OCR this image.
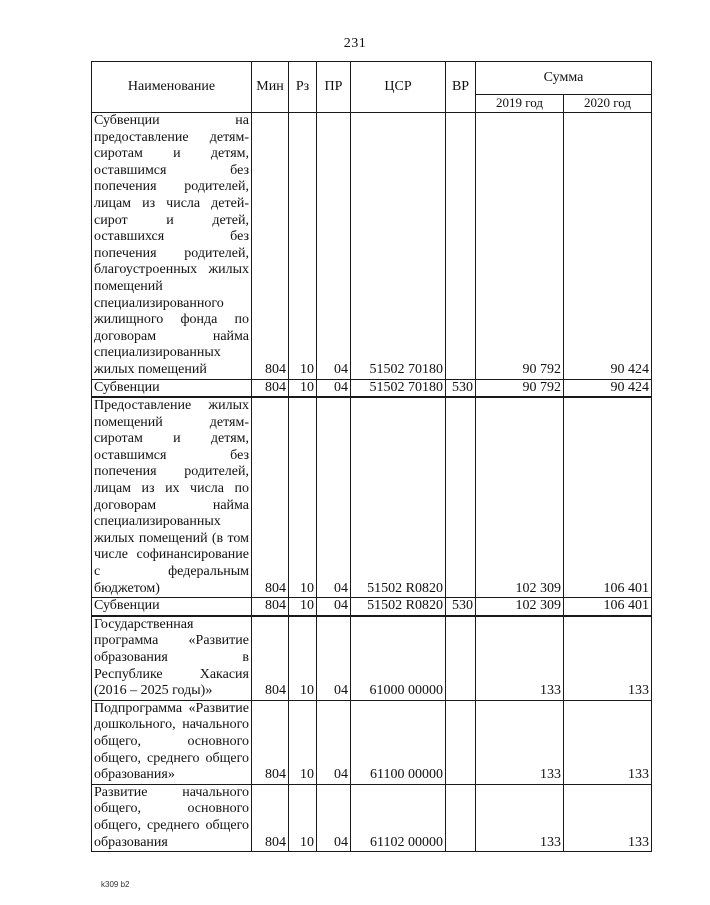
231
Наименование	Мин	Рз	ПР	ЦСР	ВР	Сумма	
						2019 год	2020 год
Субвенции на предоставление детям-сиротам и детям, оставшимся без попечения родителей, лицам из числа детей-сирот и детей, оставшихся без попечения родителей, благоустроенных жилых помещений специализированного жилищного фонда по договорам найма специализированных жилых помещений	804	10	04	51502 70180		90 792	90 424
Субвенции	804	10	04	51502 70180	530	90 792	90 424
Предоставление жилых помещений детям-сиротам и детям, оставшимся без попечения родителей, лицам из их числа по договорам найма специализированных жилых помещений (в том числе софинансирование с федеральным бюджетом)	804	10	04	51502 R0820		102 309	106 401
Субвенции	804	10	04	51502 R0820	530	102 309	106 401
Государственная программа «Развитие образования в Республике Хакасия (2016 – 2025 годы)»	804	10	04	61000 00000		133	133
Подпрограмма «Развитие дошкольного, начального общего, основного общего, среднего общего образования»	804	10	04	61100 00000		133	133
Развитие начального общего, основного общего, среднего общего образования	804	10	04	61102 00000		133	133
k309 b2
